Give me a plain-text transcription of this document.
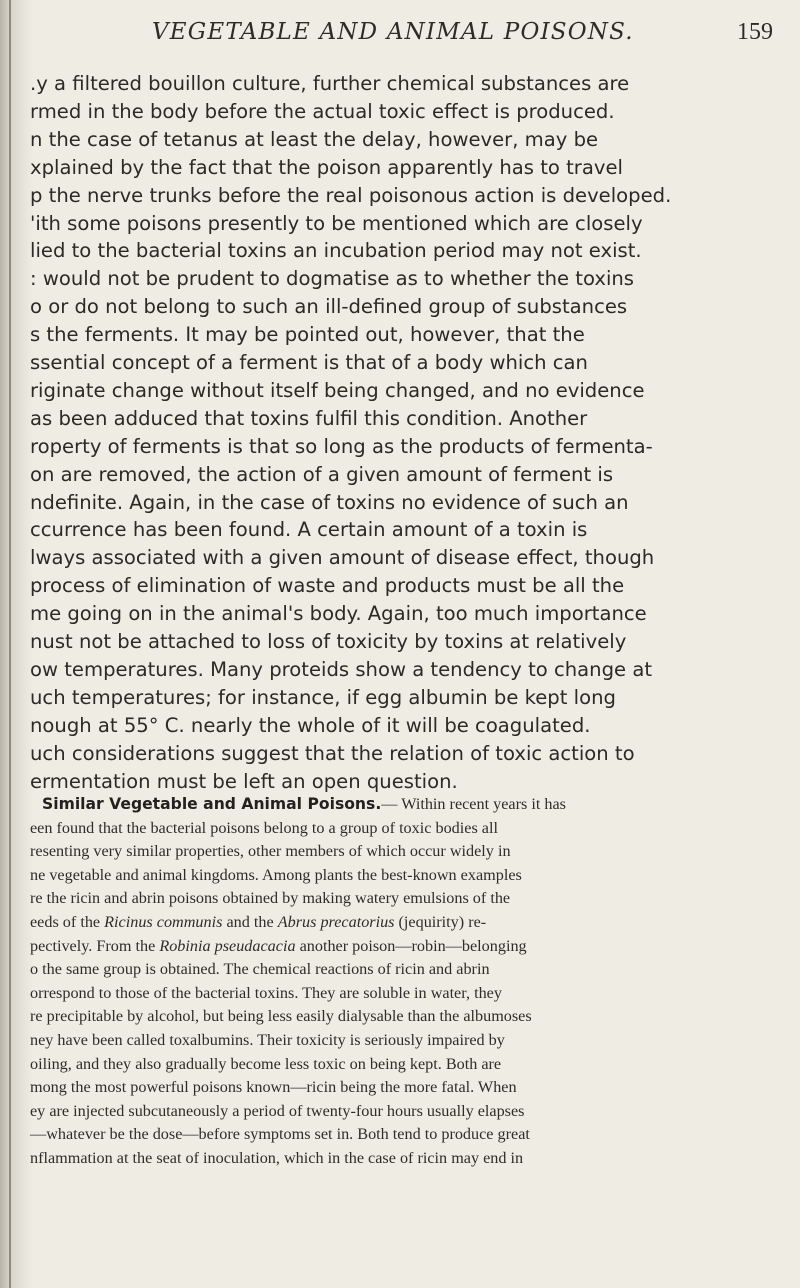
VEGETABLE AND ANIMAL POISONS.	159
.y a filtered bouillon culture, further chemical substances are
rmed in the body before the actual toxic effect is produced.
n the case of tetanus at least the delay, however, may be
xplained by the fact that the poison apparently has to travel
p the nerve trunks before the real poisonous action is developed.
'ith some poisons presently to be mentioned which are closely
lied to the bacterial toxins an incubation period may not exist.
: would not be prudent to dogmatise as to whether the toxins
o or do not belong to such an ill-defined group of substances
s the ferments. It may be pointed out, however, that the
ssential concept of a ferment is that of a body which can
riginate change without itself being changed, and no evidence
as been adduced that toxins fulfil this condition. Another
roperty of ferments is that so long as the products of fermenta-
on are removed, the action of a given amount of ferment is
ndefinite. Again, in the case of toxins no evidence of such an
ccurrence has been found. A certain amount of a toxin is
lways associated with a given amount of disease effect, though
process of elimination of waste and products must be all the
me going on in the animal's body. Again, too much importance
nust not be attached to loss of toxicity by toxins at relatively
ow temperatures. Many proteids show a tendency to change at
uch temperatures; for instance, if egg albumin be kept long
nough at 55° C. nearly the whole of it will be coagulated.
uch considerations suggest that the relation of toxic action to
ermentation must be left an open question.
Similar Vegetable and Animal Poisons.— Within recent years it has
een found that the bacterial poisons belong to a group of toxic bodies all
resenting very similar properties, other members of which occur widely in
ne vegetable and animal kingdoms. Among plants the best-known examples
re the ricin and abrin poisons obtained by making watery emulsions of the
eeds of the Ricinus communis and the Abrus precatorius (jequirity) re-
pectively. From the Robinia pseudacacia another poison—robin—belonging
o the same group is obtained. The chemical reactions of ricin and abrin
orrespond to those of the bacterial toxins. They are soluble in water, they
re precipitable by alcohol, but being less easily dialysable than the albumoses
ney have been called toxalbumins. Their toxicity is seriously impaired by
oiling, and they also gradually become less toxic on being kept. Both are
mong the most powerful poisons known—ricin being the more fatal. When
ey are injected subcutaneously a period of twenty-four hours usually elapses
—whatever be the dose—before symptoms set in. Both tend to produce great
nflammation at the seat of inoculation, which in the case of ricin may end in
